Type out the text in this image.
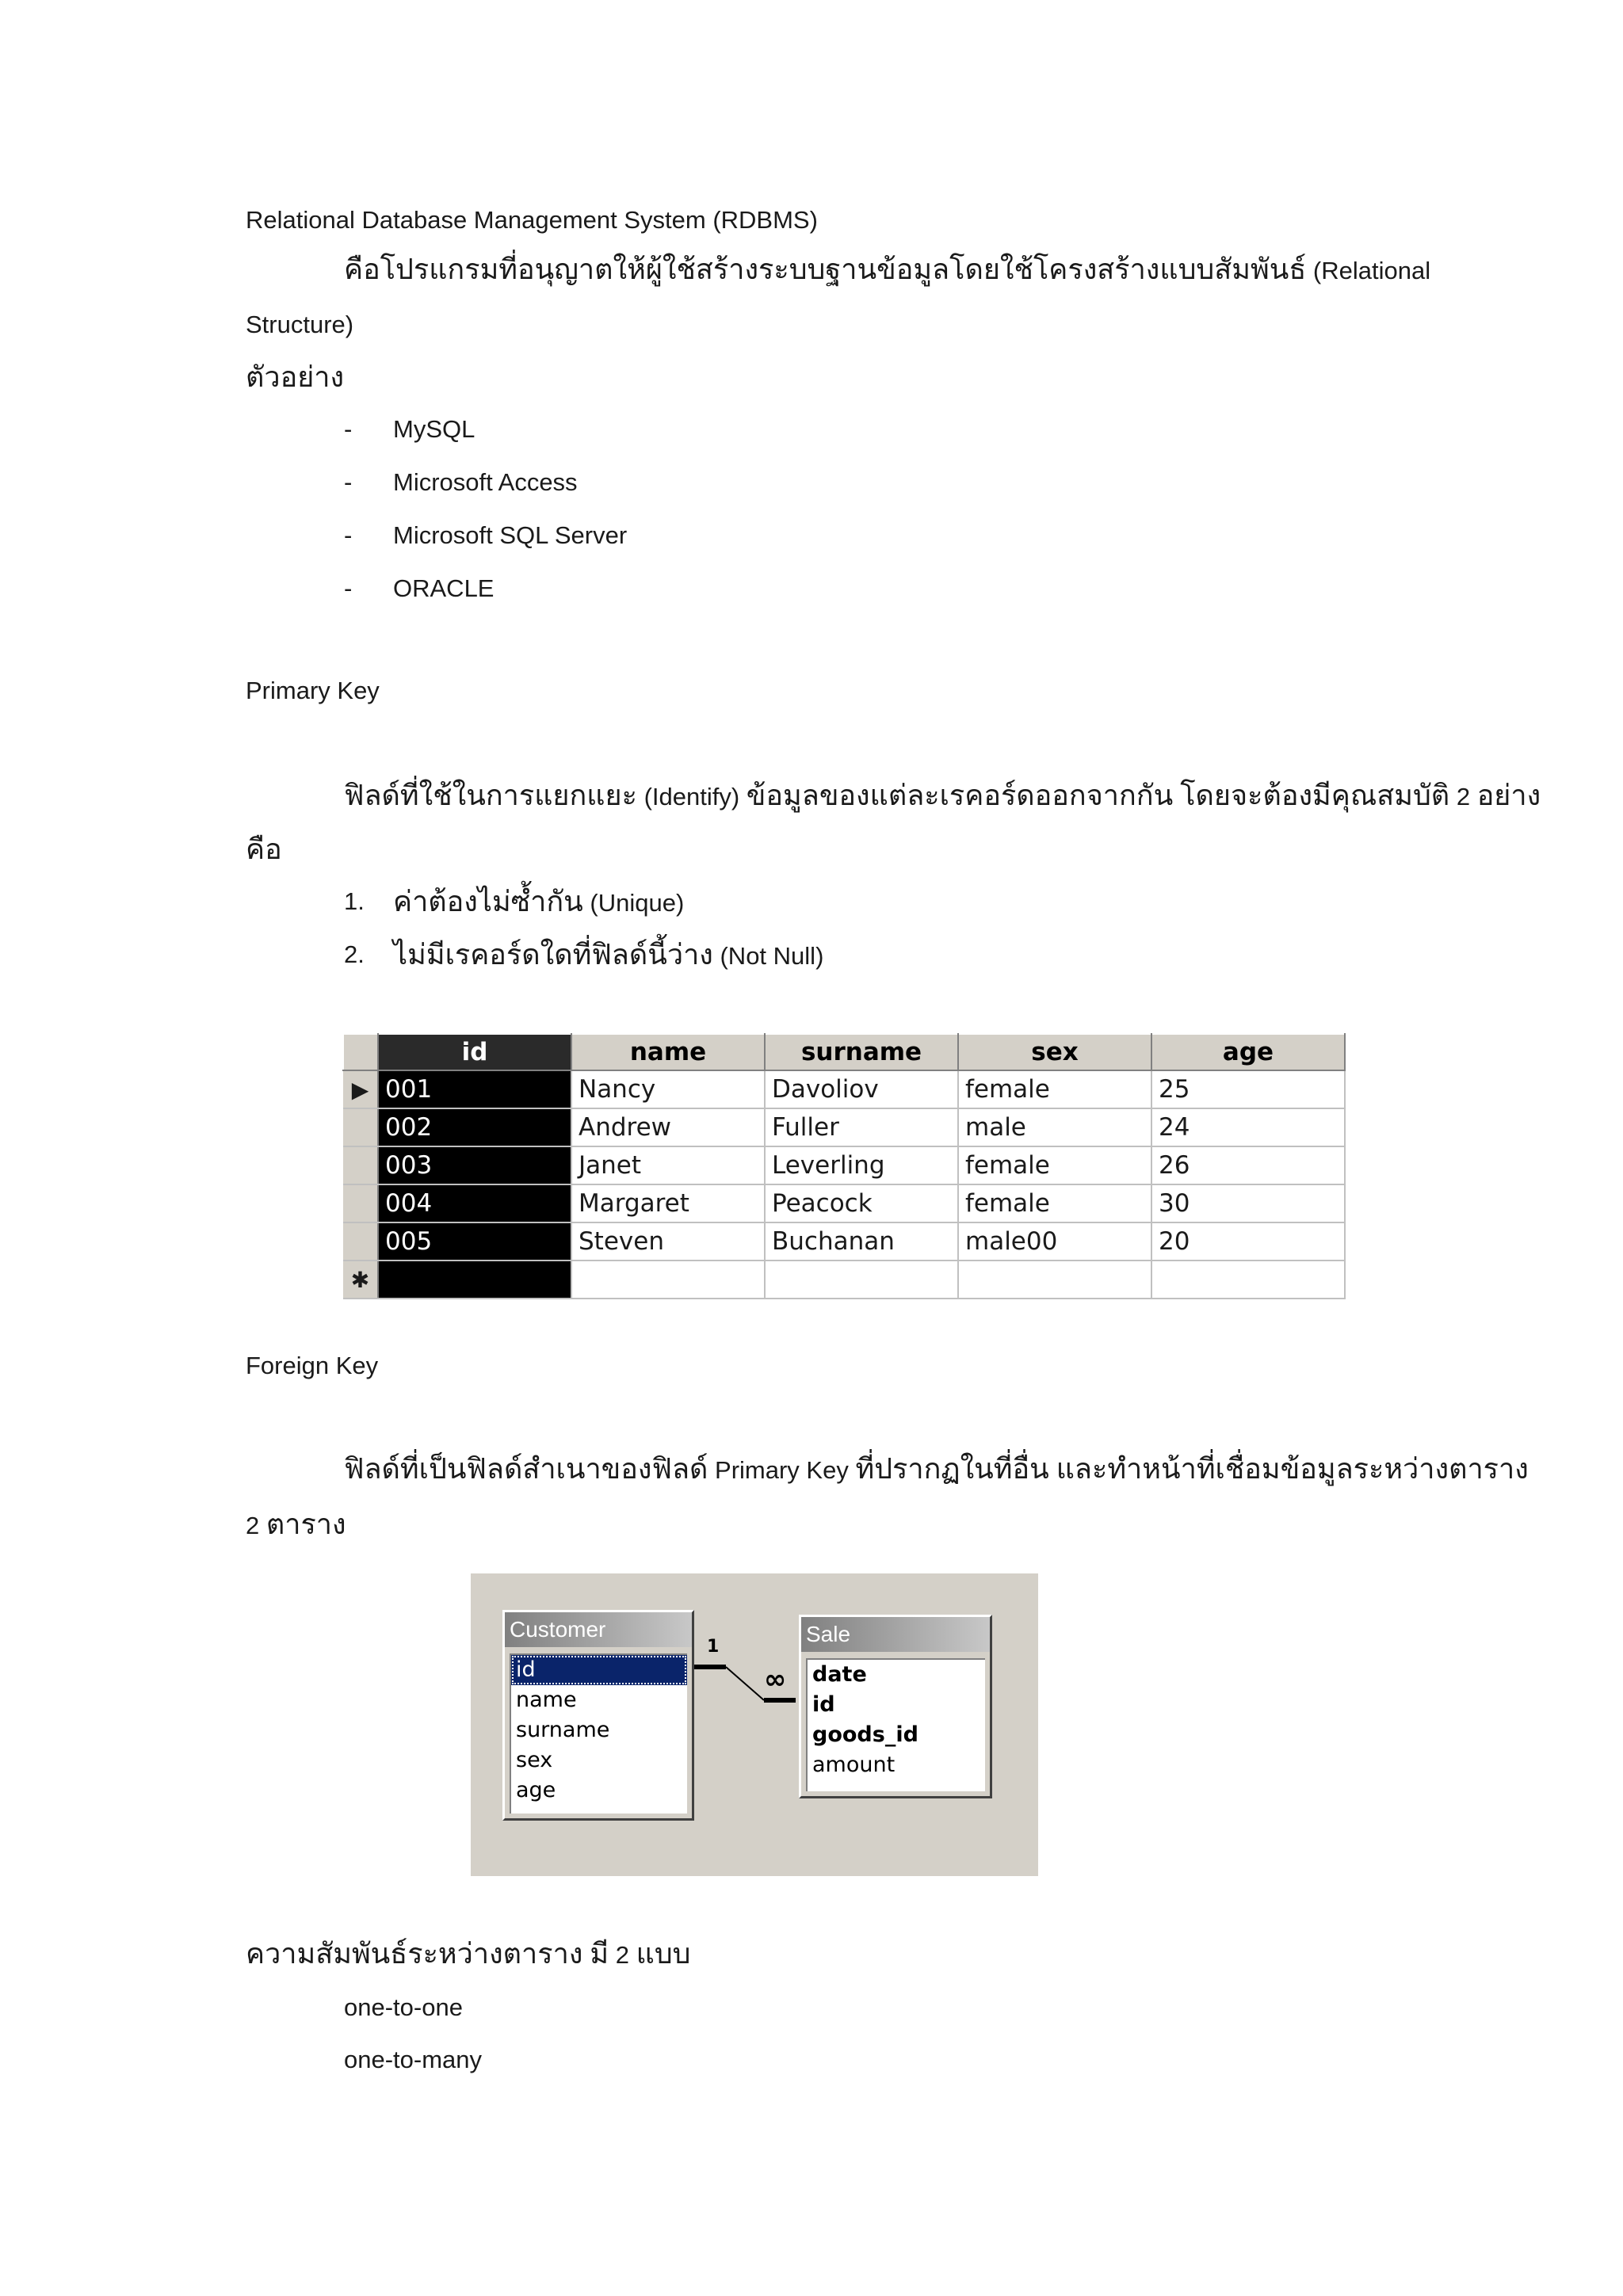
Relational Database Management System (RDBMS)
คือโปรแกรมที่อนุญาตให้ผู้ใช้สร้างระบบฐานข้อมูลโดยใช้โครงสร้างแบบสัมพันธ์ (Relational
Structure)
ตัวอย่าง
- MySQL
- Microsoft Access
- Microsoft SQL Server
- ORACLE
Primary Key
ฟิลด์ที่ใช้ในการแยกแยะ (Identify) ข้อมูลของแต่ละเรคอร์ดออกจากกัน โดยจะต้องมีคุณสมบัติ 2 อย่าง
คือ
1. ค่าต้องไม่ซ้ำกัน (Unique)
2. ไม่มีเรคอร์ดใดที่ฟิลด์นี้ว่าง (Not Null)
	id	name	surname	sex	age
▶	001	Nancy	Davoliov	female	25
	002	Andrew	Fuller	male	24
	003	Janet	Leverling	female	26
	004	Margaret	Peacock	female	30
	005	Steven	Buchanan	male00	20
✱					
Foreign Key
ฟิลด์ที่เป็นฟิลด์สำเนาของฟิลด์ Primary Key ที่ปรากฏในที่อื่น และทำหน้าที่เชื่อมข้อมูลระหว่างตาราง
2 ตาราง
Customer
id
name
surname
sex
age
Sale
date
id
goods_id
amount
1
∞
ความสัมพันธ์ระหว่างตาราง มี 2 แบบ
one-to-one
one-to-many
